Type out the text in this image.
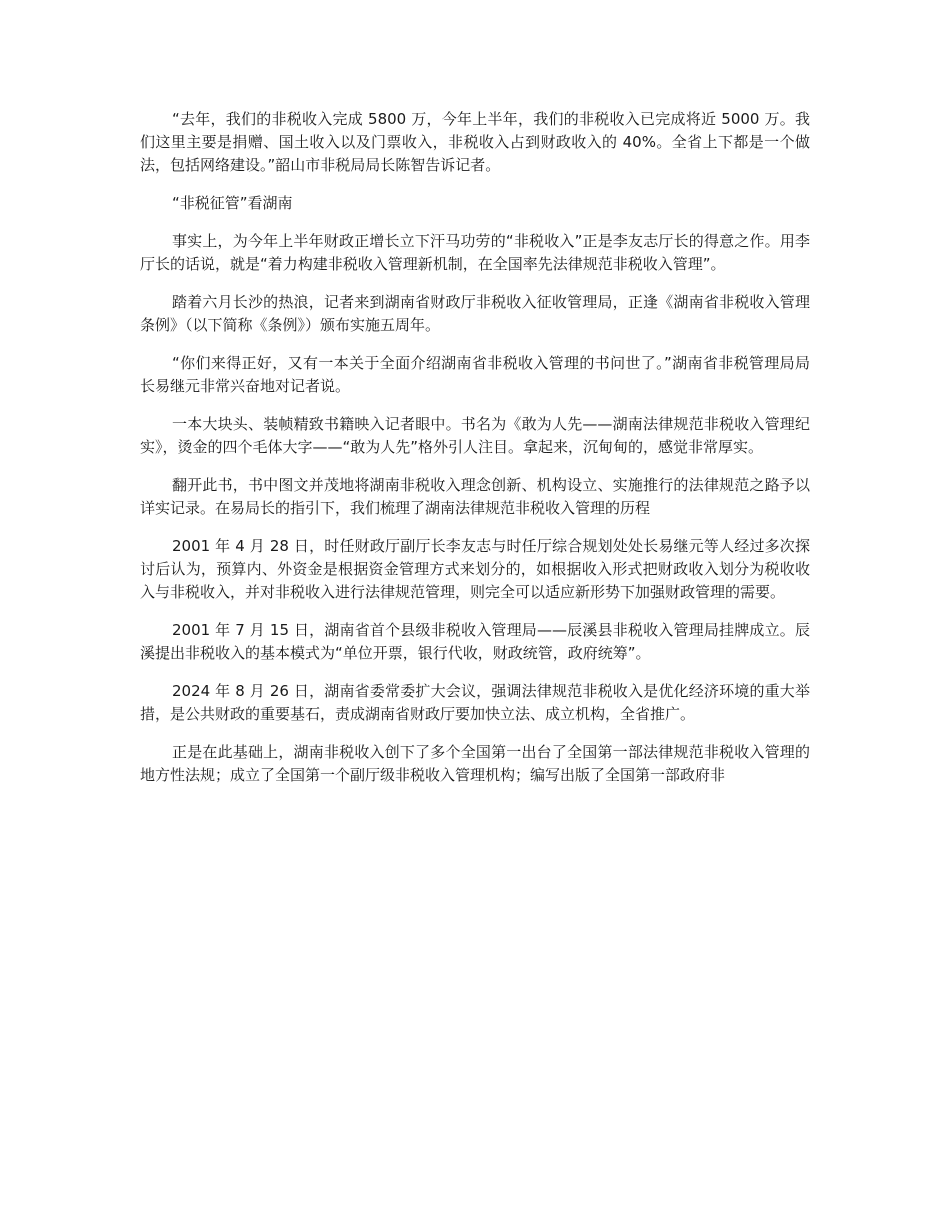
“去年，我们的非税收入完成 5800 万，今年上半年，我们的非税收入已完成将近 5000 万。我们这里主要是捐赠、国土收入以及门票收入，非税收入占到财政收入的 40%。全省上下都是一个做法，包括网络建设。”韶山市非税局局长陈智告诉记者。

“非税征管”看湖南

事实上，为今年上半年财政正增长立下汗马功劳的“非税收入”正是李友志厅长的得意之作。用李厅长的话说，就是“着力构建非税收入管理新机制，在全国率先法律规范非税收入管理”。

踏着六月长沙的热浪，记者来到湖南省财政厅非税收入征收管理局，正逢《湖南省非税收入管理条例》（以下简称《条例》）颁布实施五周年。

“你们来得正好，又有一本关于全面介绍湖南省非税收入管理的书问世了。”湖南省非税管理局局长易继元非常兴奋地对记者说。

一本大块头、装帧精致书籍映入记者眼中。书名为《敢为人先——湖南法律规范非税收入管理纪实》，烫金的四个毛体大字——“敢为人先”格外引人注目。拿起来，沉甸甸的，感觉非常厚实。

翻开此书，书中图文并茂地将湖南非税收入理念创新、机构设立、实施推行的法律规范之路予以详实记录。在易局长的指引下，我们梳理了湖南法律规范非税收入管理的历程

2001 年 4 月 28 日，时任财政厅副厅长李友志与时任厅综合规划处处长易继元等人经过多次探讨后认为，预算内、外资金是根据资金管理方式来划分的，如根据收入形式把财政收入划分为税收收入与非税收入，并对非税收入进行法律规范管理，则完全可以适应新形势下加强财政管理的需要。

2001 年 7 月 15 日，湖南省首个县级非税收入管理局——辰溪县非税收入管理局挂牌成立。辰溪提出非税收入的基本模式为“单位开票，银行代收，财政统管，政府统筹”。

2024 年 8 月 26 日，湖南省委常委扩大会议，强调法律规范非税收入是优化经济环境的重大举措，是公共财政的重要基石，责成湖南省财政厅要加快立法、成立机构，全省推广。

正是在此基础上，湖南非税收入创下了多个全国第一出台了全国第一部法律规范非税收入管理的地方性法规；成立了全国第一个副厅级非税收入管理机构；编写出版了全国第一部政府非
